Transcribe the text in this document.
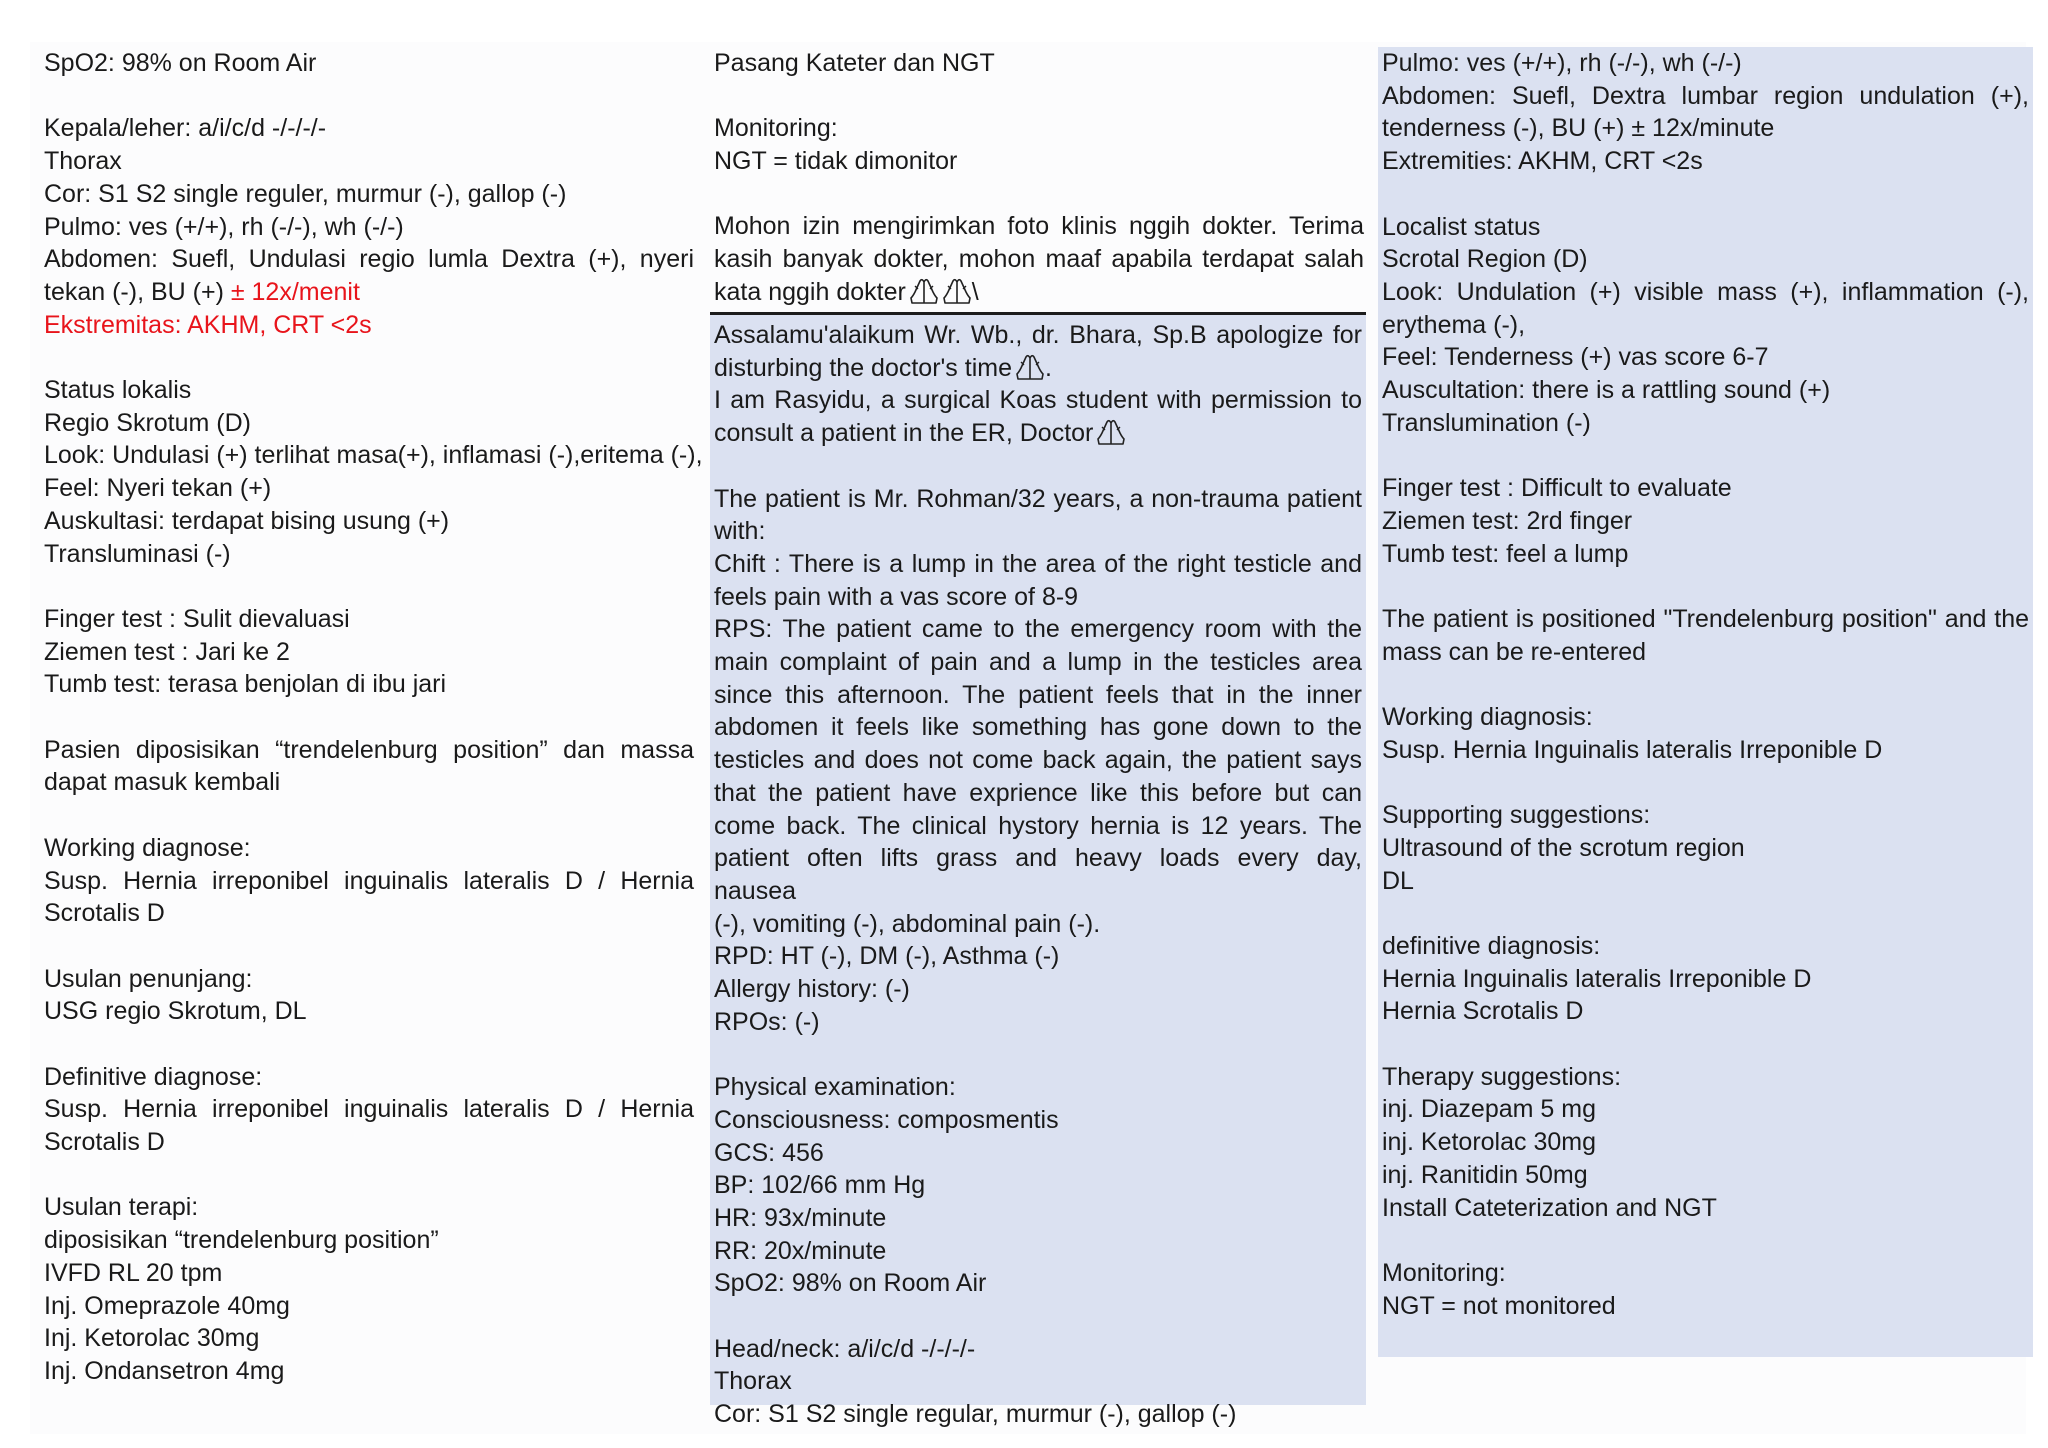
SpO2: 98% on Room Air
Kepala/leher: a/i/c/d -/-/-/-
Thorax
Cor: S1 S2 single reguler, murmur (-), gallop (-)
Pulmo: ves (+/+), rh (-/-), wh (-/-)
Abdomen: Suefl, Undulasi regio lumla Dextra (+), nyeri
tekan (-), BU (+) ± 12x/menit
Ekstremitas: AKHM, CRT <2s
Status lokalis
Regio Skrotum (D)
Look: Undulasi (+) terlihat masa(+), inflamasi (-),eritema (-),
Feel: Nyeri tekan (+)
Auskultasi: terdapat bising usung (+)
Transluminasi (-)
Finger test : Sulit dievaluasi
Ziemen test : Jari ke 2
Tumb test: terasa benjolan di ibu jari
Pasien diposisikan “trendelenburg position” dan massa
dapat masuk kembali
Working diagnose:
Susp. Hernia irreponibel inguinalis lateralis D / Hernia
Scrotalis D
Usulan penunjang:
USG regio Skrotum, DL
Definitive diagnose:
Susp. Hernia irreponibel inguinalis lateralis D / Hernia
Scrotalis D
Usulan terapi:
diposisikan “trendelenburg position”
IVFD RL 20 tpm
Inj. Omeprazole 40mg
Inj. Ketorolac 30mg
Inj. Ondansetron 4mg
Pasang Kateter dan NGT
Monitoring:
NGT = tidak dimonitor
Mohon izin mengirimkan foto klinis nggih dokter. Terima
kasih banyak dokter, mohon maaf apabila terdapat salah
kata nggih dokter	\
Assalamu'alaikum Wr. Wb., dr. Bhara, Sp.B apologize for
disturbing the doctor's time .
I am Rasyidu, a surgical Koas student with permission to
consult a patient in the ER, Doctor
The patient is Mr. Rohman/32 years, a non-trauma patient
with:
Chift : There is a lump in the area of the right testicle and
feels pain with a vas score of 8-9
RPS: The patient came to the emergency room with the
main complaint of pain and a lump in the testicles area
since this afternoon. The patient feels that in the inner
abdomen it feels like something has gone down to the
testicles and does not come back again, the patient says
that the patient have exprience like this before but can
come back. The clinical hystory hernia is 12 years. The
patient often lifts grass and heavy loads every day, nausea
(-), vomiting (-), abdominal pain (-).
RPD: HT (-), DM (-), Asthma (-)
Allergy history: (-)
RPOs: (-)
Physical examination:
Consciousness: composmentis
GCS: 456
BP: 102/66 mm Hg
HR: 93x/minute
RR: 20x/minute
SpO2: 98% on Room Air
Head/neck: a/i/c/d -/-/-/-
Thorax
Cor: S1 S2 single regular, murmur (-), gallop (-)
Pulmo: ves (+/+), rh (-/-), wh (-/-)
Abdomen: Suefl, Dextra lumbar region undulation (+),
tenderness (-), BU (+) ± 12x/minute
Extremities: AKHM, CRT <2s
Localist status
Scrotal Region (D)
Look: Undulation (+) visible mass (+), inflammation (-),
erythema (-),
Feel: Tenderness (+) vas score 6-7
Auscultation: there is a rattling sound (+)
Translumination (-)
Finger test : Difficult to evaluate
Ziemen test: 2rd finger
Tumb test: feel a lump
The patient is positioned "Trendelenburg position" and the
mass can be re-entered
Working diagnosis:
Susp. Hernia Inguinalis lateralis Irreponible D
Supporting suggestions:
Ultrasound of the scrotum region
DL
definitive diagnosis:
Hernia Inguinalis lateralis Irreponible D
Hernia Scrotalis D
Therapy suggestions:
inj. Diazepam 5 mg
inj. Ketorolac 30mg
inj. Ranitidin 50mg
Install Cateterization and NGT
Monitoring:
NGT = not monitored
